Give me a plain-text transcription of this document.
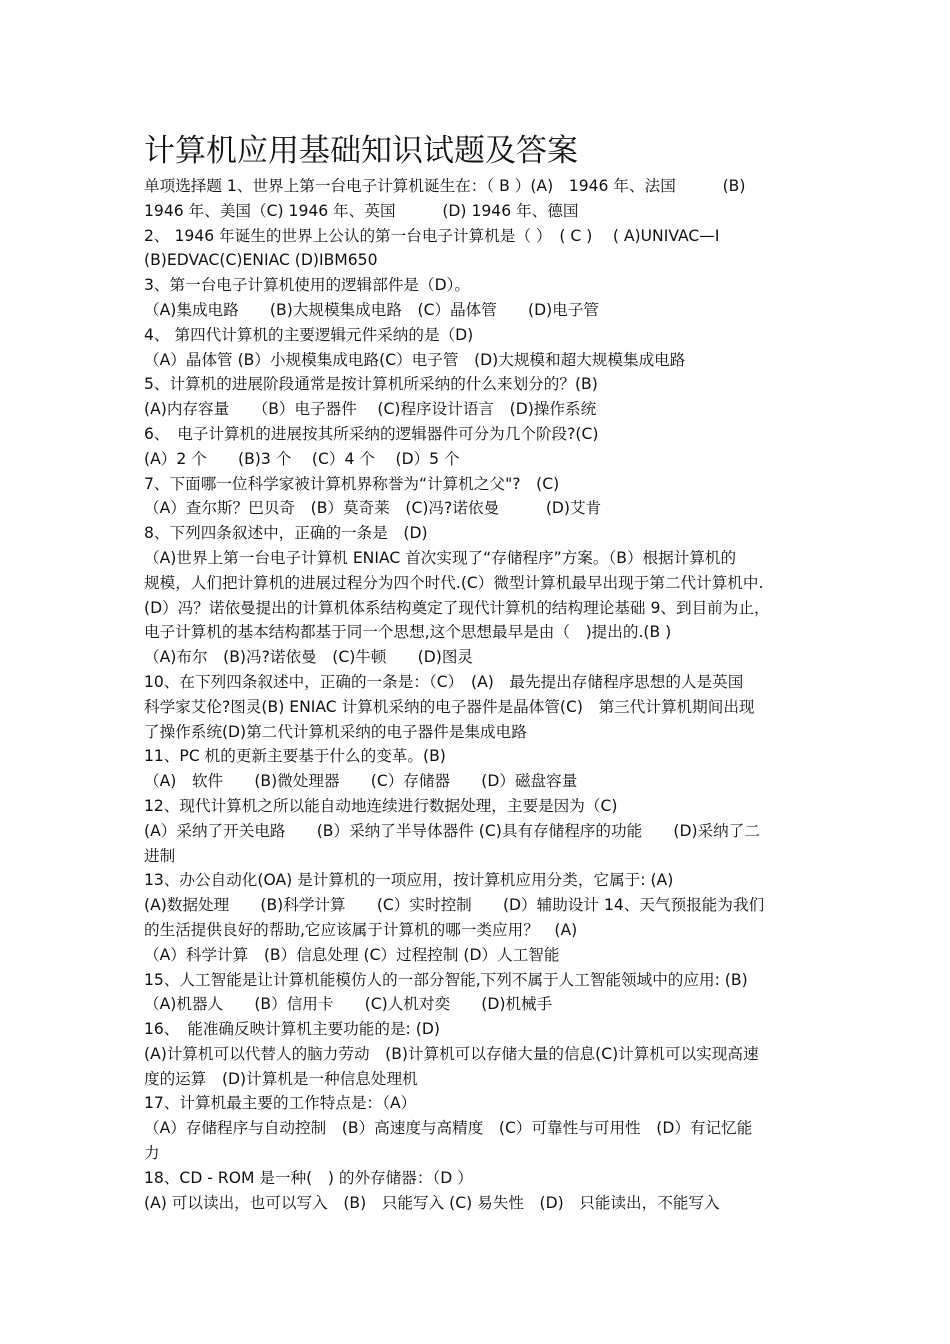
计算机应用基础知识试题及答案
单项选择题 1、世界上第一台电子计算机诞生在：（ B ）(A)　1946 年、法国　　　(B)
1946 年、美国（C) 1946 年、英国　　　(D) 1946 年、德国
2、 1946 年诞生的世界上公认的第一台电子计算机是（ ）　( C )　 ( A)UNIVAC—I
(B)EDVAC(C)ENIAC (D)IBM650
3、第一台电子计算机使用的逻辑部件是（D）。
（A)集成电路　　(B)大规模集成电路　(C）晶体管　　(D)电子管
4、 第四代计算机的主要逻辑元件采纳的是（D)
（A）晶体管 (B）小规模集成电路(C）电子管　(D)大规模和超大规模集成电路
5、计算机的进展阶段通常是按计算机所采纳的什么来划分的？(B)
(A)内存容量　　（B）电子器件　 (C)程序设计语言　(D)操作系统
6、　电子计算机的进展按其所采纳的逻辑器件可分为几个阶段?(C)
(A）2 个　　(B)3 个　 (C）4 个　 (D）5 个
7、下面哪一位科学家被计算机界称誉为“计算机之父"?　(C)
（A）查尔斯？巴贝奇　(B）莫奇莱　(C)冯?诺依曼　　　(D)艾肯
8、下列四条叙述中，正确的一条是　(D)
（A)世界上第一台电子计算机 ENIAC 首次实现了“存储程序”方案。（B）根据计算机的
规模，人们把计算机的进展过程分为四个时代.(C）微型计算机最早出现于第二代计算机中.
(D）冯？诺依曼提出的计算机体系结构奠定了现代计算机的结构理论基础 9、到目前为止，
电子计算机的基本结构都基于同一个思想,这个思想最早是由（　)提出的.(B )
（A)布尔　(B)冯?诺依曼　(C)牛顿　　(D)图灵
10、在下列四条叙述中，正确的一条是：（C）　(A)　最先提出存储程序思想的人是英国
科学家艾伦?图灵(B) ENIAC 计算机采纳的电子器件是晶体管(C)　第三代计算机期间出现
了操作系统(D)第二代计算机采纳的电子器件是集成电路
11、PC 机的更新主要基于什么的变革。(B)
（A)　软件　　(B)微处理器　　(C）存储器　　(D）磁盘容量
12、现代计算机之所以能自动地连续进行数据处理，主要是因为（C)
(A）采纳了开关电路　　(B）采纳了半导体器件 (C)具有存储程序的功能　　(D)采纳了二
进制
13、办公自动化(OA) 是计算机的一项应用，按计算机应用分类，它属于: (A)
(A)数据处理　　(B)科学计算　　(C）实时控制　　(D）辅助设计 14、天气预报能为我们
的生活提供良好的帮助,它应该属于计算机的哪一类应用？　(A)
（A）科学计算　(B）信息处理 (C）过程控制 (D）人工智能
15、人工智能是让计算机能模仿人的一部分智能,下列不属于人工智能领域中的应用: (B)
（A)机器人　　(B）信用卡　　(C)人机对奕　　(D)机械手
16、　能准确反映计算机主要功能的是: (D)
(A)计算机可以代替人的脑力劳动　(B)计算机可以存储大量的信息(C)计算机可以实现高速
度的运算　(D)计算机是一种信息处理机
17、计算机最主要的工作特点是：（A）
（A）存储程序与自动控制　(B）高速度与高精度　(C）可靠性与可用性　(D）有记忆能
力
18、CD - ROM 是一种(　) 的外存储器：（D ）
(A) 可以读出，也可以写入　(B)　只能写入 (C) 易失性　(D)　只能读出，不能写入
